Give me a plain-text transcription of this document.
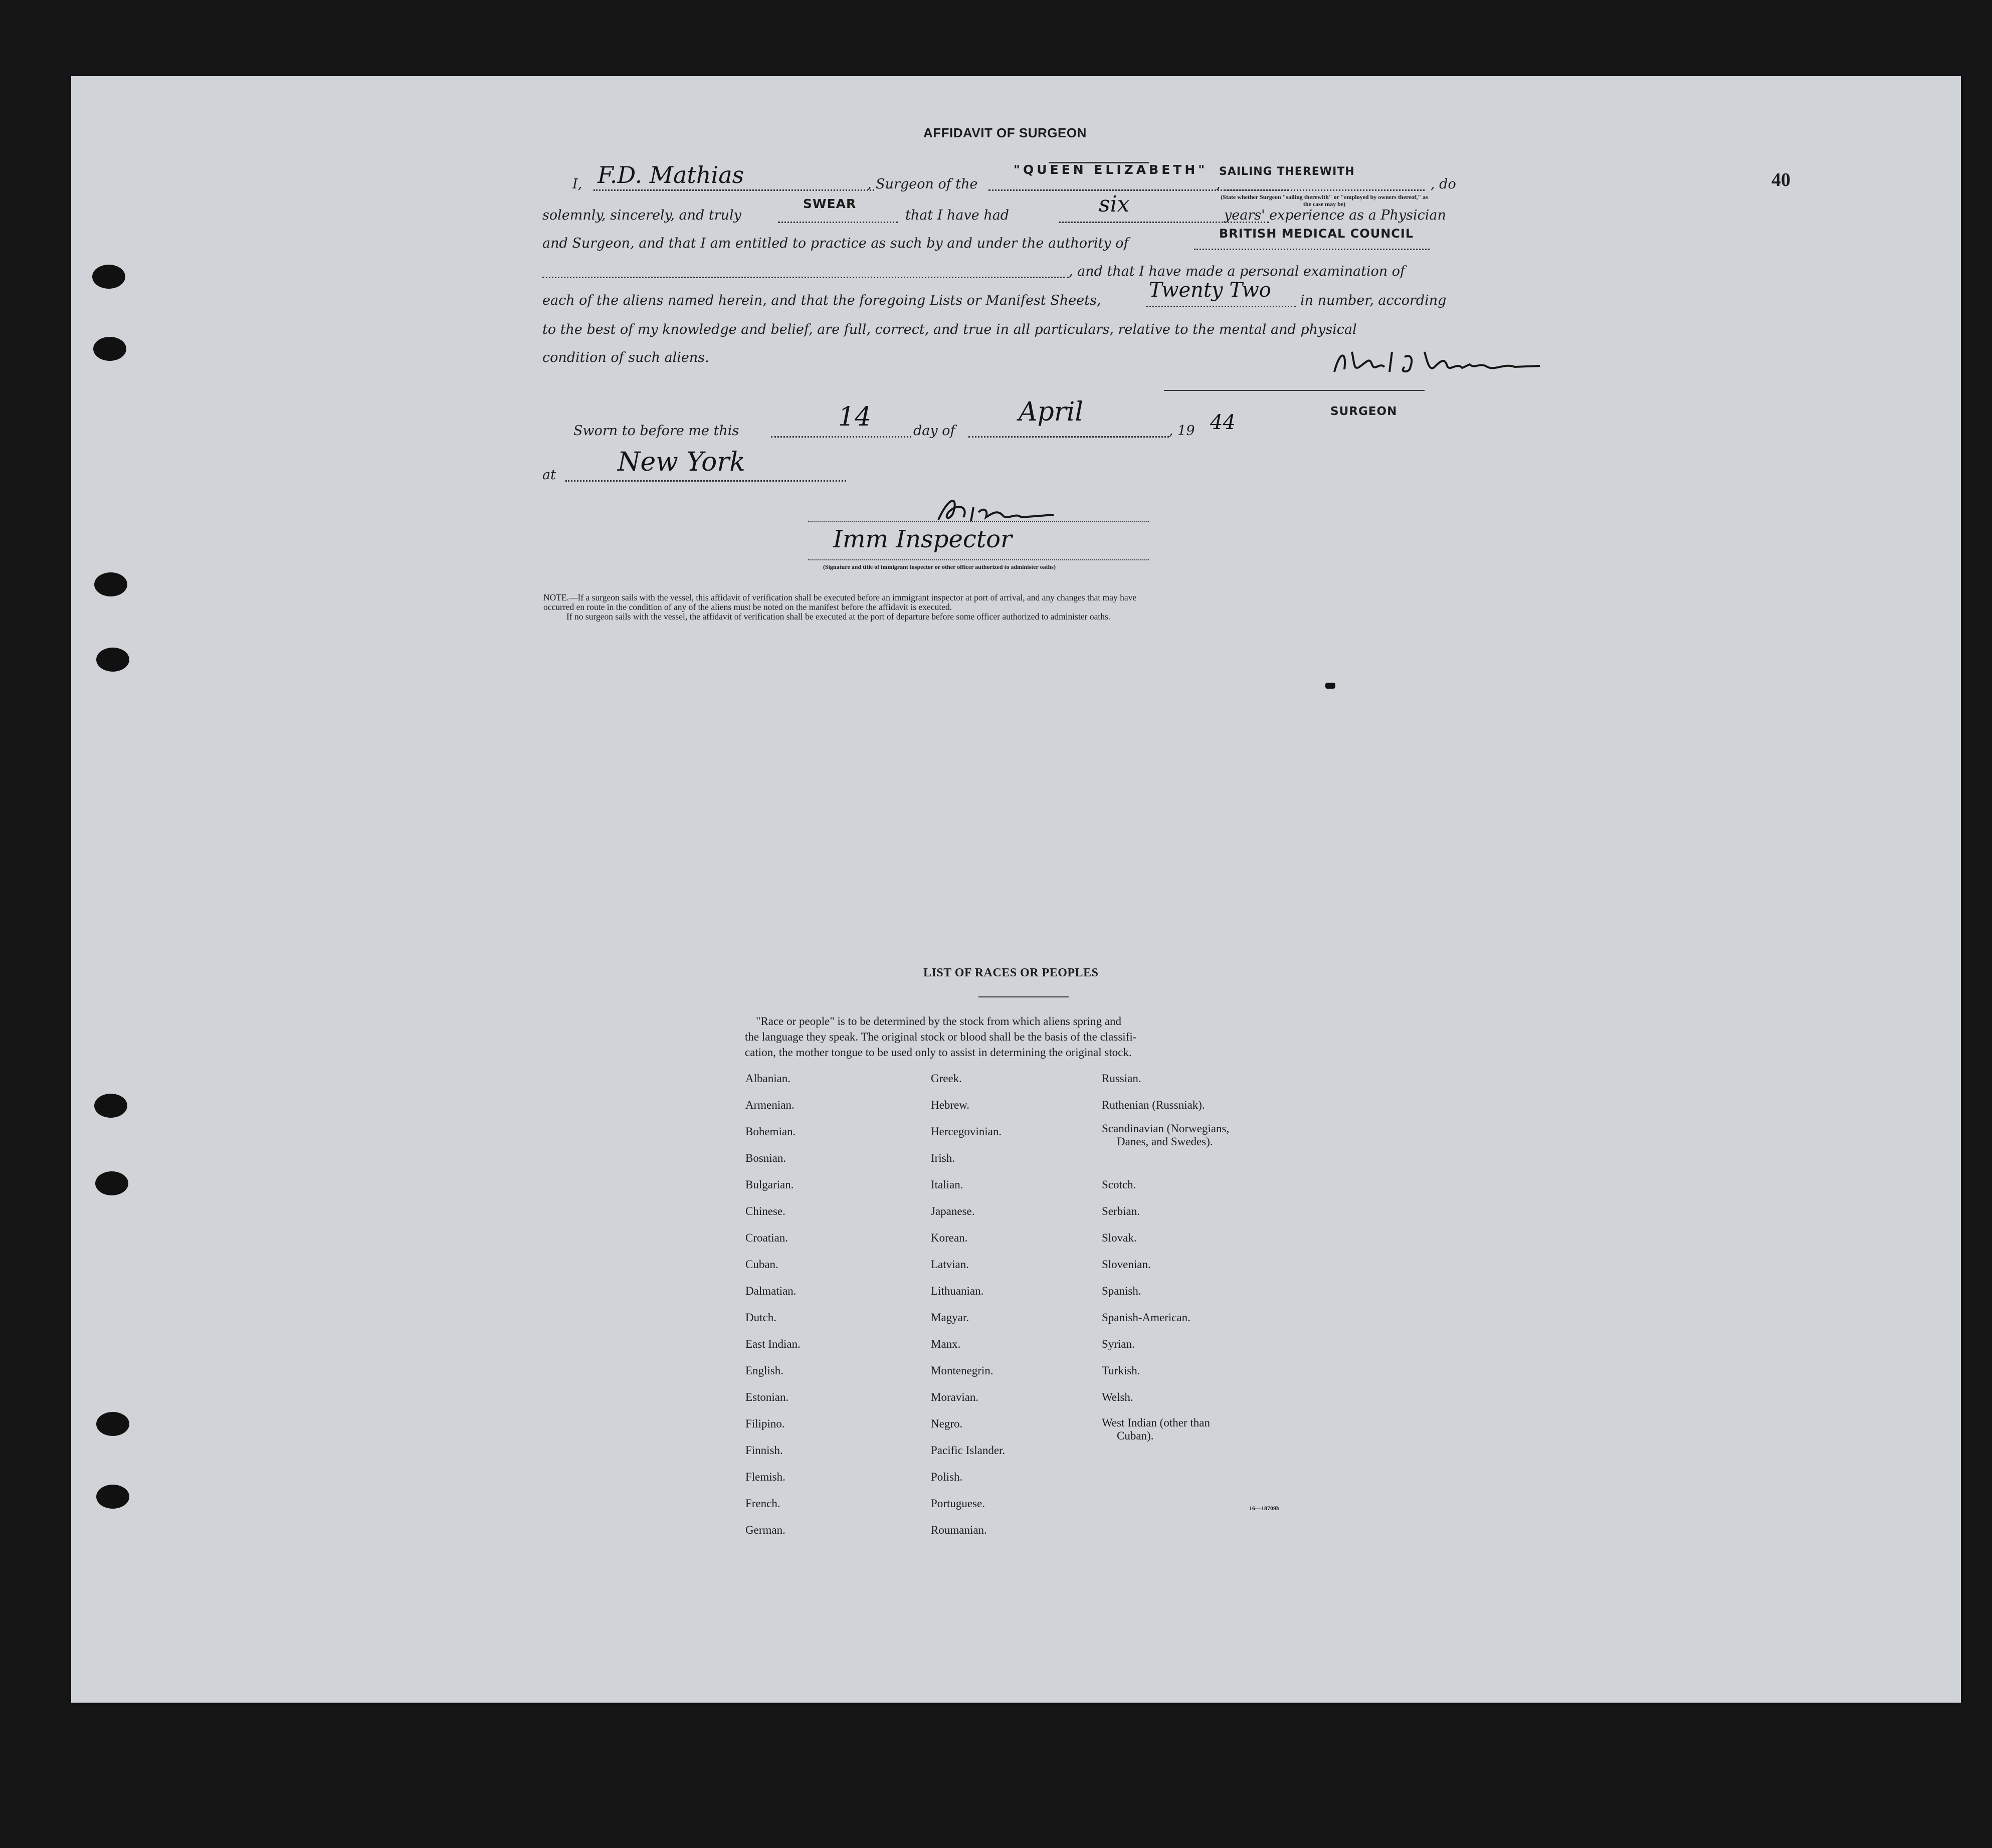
40
AFFIDAVIT OF SURGEON
I, F.D. Mathias	, Surgeon of the
"QUEEN ELIZABETH" SAILING THEREWITH
,	, do
(State whether Surgeon "sailing therewith" or "employed by owners thereof," as the case may be)
solemnly, sincerely, and truly
SWEAR
that I have had	six	years' experience as a Physician
and Surgeon, and that I am entitled to practice as such by and under the authority of
BRITISH MEDICAL COUNCIL
, and that I have made a personal examination of
each of the aliens named herein, and that the foregoing Lists or Manifest Sheets, Twenty Two in number, according
to the best of my knowledge and belief, are full, correct, and true in all particulars, relative to the mental and physical
condition of such aliens.
SURGEON
Sworn to before me this	14	day of
April
, 19 44
at New York
Imm Inspector
(Signature and title of immigrant inspector or other officer authorized to administer oaths)
NOTE.—If a surgeon sails with the vessel, this affidavit of verification shall be executed before an immigrant inspector at port of arrival, and any changes that may have
occurred en route in the condition of any of the aliens must be noted on the manifest before the affidavit is executed.
If no surgeon sails with the vessel, the affidavit of verification shall be executed at the port of departure before some officer authorized to administer oaths.
LIST OF RACES OR PEOPLES
"Race or people" is to be determined by the stock from which aliens spring and
the language they speak. The original stock or blood shall be the basis of the classifi-
cation, the mother tongue to be used only to assist in determining the original stock.
16—18709b
Albanian.
Armenian.
Bohemian.
Bosnian.
Bulgarian.
Chinese.
Croatian.
Cuban.
Dalmatian.
Dutch.
East Indian.
English.
Estonian.
Filipino.
Finnish.
Flemish.
French.
German.
Greek.
Hebrew.
Hercegovinian.
Irish.
Italian.
Japanese.
Korean.
Latvian.
Lithuanian.
Magyar.
Manx.
Montenegrin.
Moravian.
Negro.
Pacific Islander.
Polish.
Portuguese.
Roumanian.
Russian.
Ruthenian (Russniak).
Scandinavian (Norwegians,
Danes, and Swedes).
Scotch.
Serbian.
Slovak.
Slovenian.
Spanish.
Spanish-American.
Syrian.
Turkish.
Welsh.
West Indian (other than
Cuban).
